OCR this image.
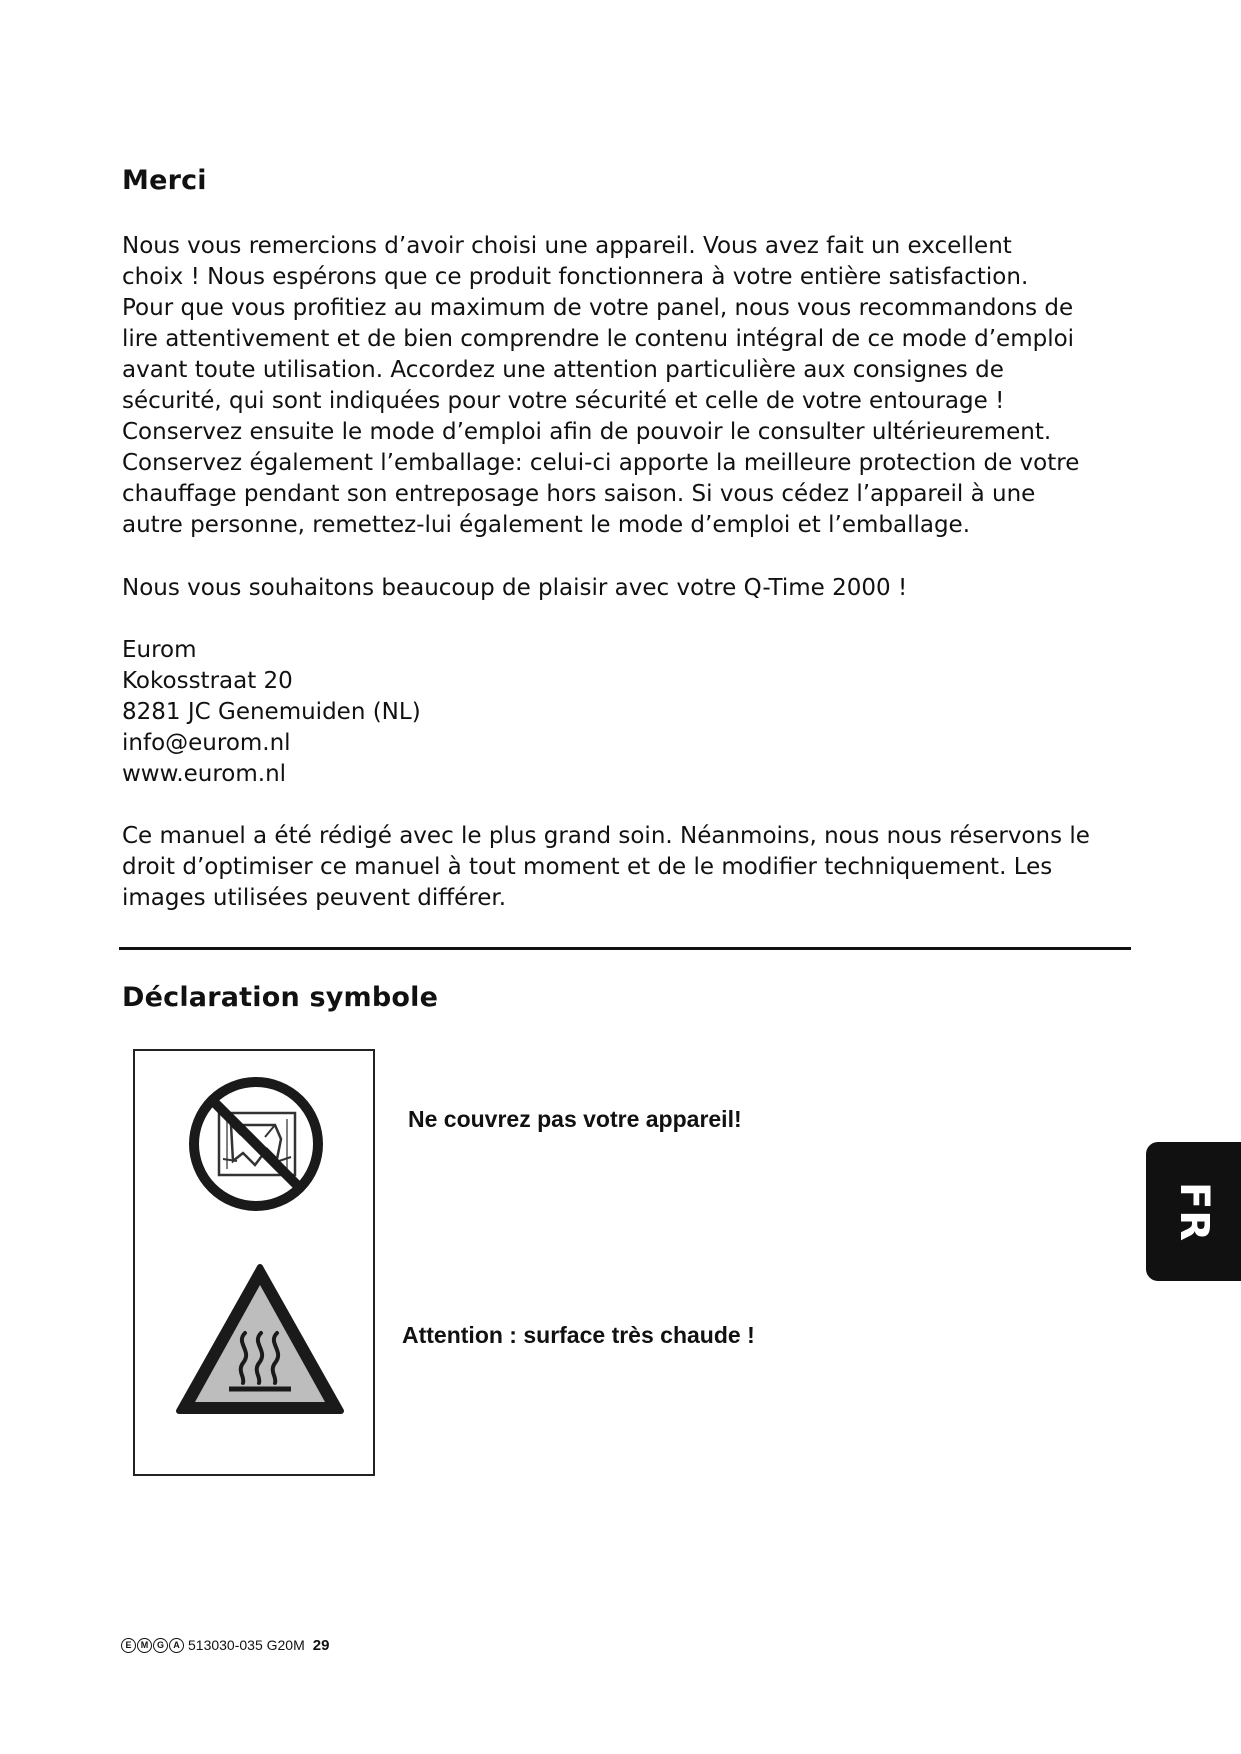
Merci

Nous vous remercions d’avoir choisi une appareil. Vous avez fait un excellent
choix ! Nous espérons que ce produit fonctionnera à votre entière satisfaction.
Pour que vous profitiez au maximum de votre panel, nous vous recommandons de
lire attentivement et de bien comprendre le contenu intégral de ce mode d’emploi
avant toute utilisation. Accordez une attention particulière aux consignes de
sécurité, qui sont indiquées pour votre sécurité et celle de votre entourage !
Conservez ensuite le mode d’emploi afin de pouvoir le consulter ultérieurement.
Conservez également l’emballage: celui-ci apporte la meilleure protection de votre
chauffage pendant son entreposage hors saison. Si vous cédez l’appareil à une
autre personne, remettez-lui également le mode d’emploi et l’emballage.

Nous vous souhaitons beaucoup de plaisir avec votre Q-Time 2000 !

Eurom
Kokosstraat 20
8281 JC Genemuiden (NL)
info@eurom.nl
www.eurom.nl

Ce manuel a été rédigé avec le plus grand soin. Néanmoins, nous nous réservons le
droit d’optimiser ce manuel à tout moment et de le modifier techniquement. Les
images utilisées peuvent différer.

Déclaration symbole

Ne couvrez pas votre appareil!

Attention : surface très chaude !

FR
E	M G	A 513030-035 G20M 29
